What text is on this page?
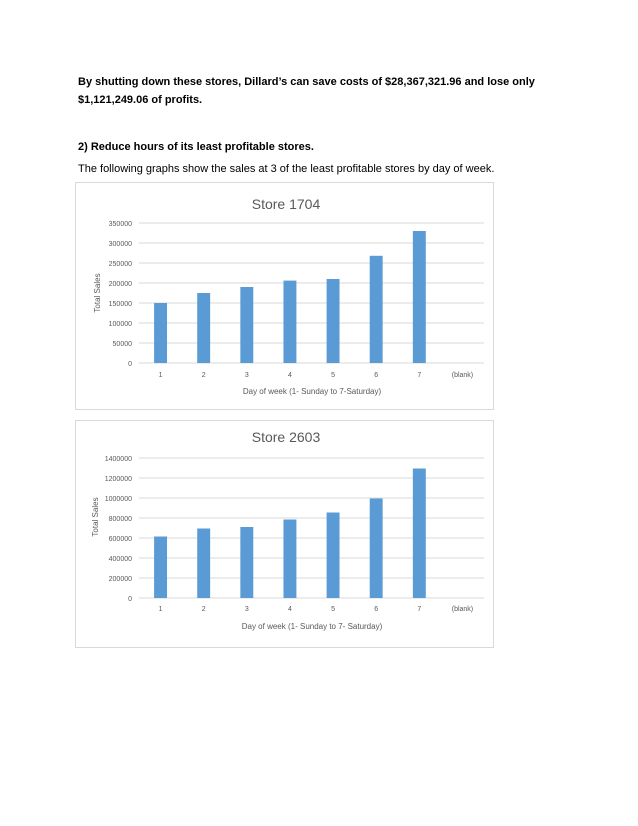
By shutting down these stores, Dillard’s can save costs of $28,367,321.96 and lose only $1,121,249.06 of profits.

2) Reduce hours of its least profitable stores.

The following graphs show the sales at 3 of the least profitable stores by day of week.

Store 1704
Total Sales
Day of week (1- Sunday to 7-Saturday)
0
50000
100000
150000
200000
250000
300000
350000
1	2	3	4	5	6	7	(blank)
Store 2603
Total Sales
Day of week (1- Sunday to 7- Saturday)
0
200000
400000
600000
800000
1000000
1200000
1400000
1	2	3	4	5	6	7	(blank)
